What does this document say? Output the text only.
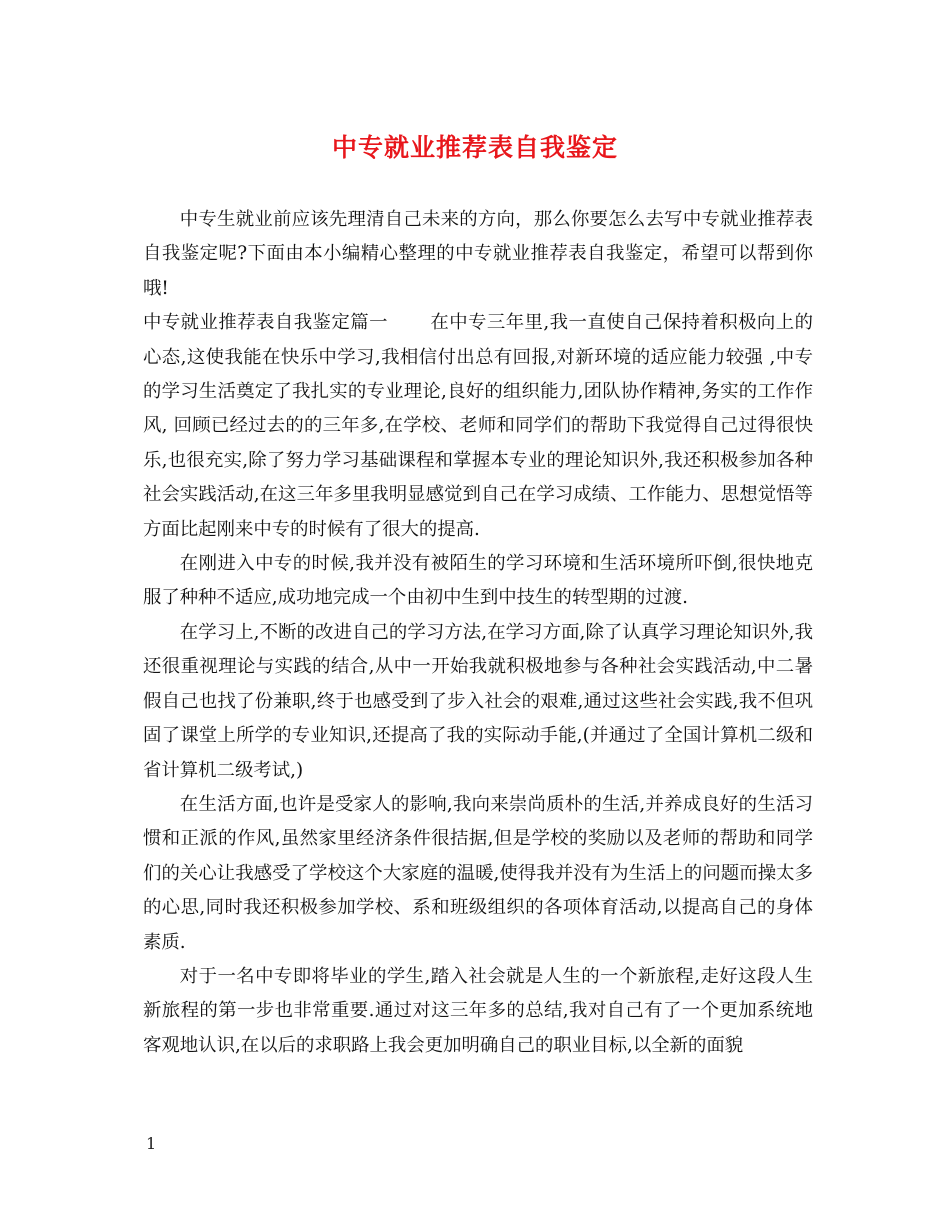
中专就业推荐表自我鉴定

中专生就业前应该先理清自己未来的方向，那么你要怎么去写中专就业推荐表自我鉴定呢?下面由本小编精心整理的中专就业推荐表自我鉴定，希望可以帮到你哦!

中专就业推荐表自我鉴定篇一 在中专三年里,我一直使自己保持着积极向上的心态,这使我能在快乐中学习,我相信付出总有回报,对新环境的适应能力较强 ,中专的学习生活奠定了我扎实的专业理论,良好的组织能力,团队协作精神,务实的工作作风, 回顾已经过去的的三年多,在学校、老师和同学们的帮助下我觉得自己过得很快乐,也很充实,除了努力学习基础课程和掌握本专业的理论知识外,我还积极参加各种社会实践活动,在这三年多里我明显感觉到自己在学习成绩、工作能力、思想觉悟等方面比起刚来中专的时候有了很大的提高.

在刚进入中专的时候,我并没有被陌生的学习环境和生活环境所吓倒,很快地克服了种种不适应,成功地完成一个由初中生到中技生的转型期的过渡.

在学习上,不断的改进自己的学习方法,在学习方面,除了认真学习理论知识外,我还很重视理论与实践的结合,从中一开始我就积极地参与各种社会实践活动,中二暑假自己也找了份兼职,终于也感受到了步入社会的艰难,通过这些社会实践,我不但巩固了课堂上所学的专业知识,还提高了我的实际动手能,(并通过了全国计算机二级和省计算机二级考试,)

在生活方面,也许是受家人的影响,我向来崇尚质朴的生活,并养成良好的生活习惯和正派的作风,虽然家里经济条件很拮据,但是学校的奖励以及老师的帮助和同学们的关心让我感受了学校这个大家庭的温暖,使得我并没有为生活上的问题而操太多的心思,同时我还积极参加学校、系和班级组织的各项体育活动,以提高自己的身体素质.

对于一名中专即将毕业的学生,踏入社会就是人生的一个新旅程,走好这段人生新旅程的第一步也非常重要.通过对这三年多的总结,我对自己有了一个更加系统地客观地认识,在以后的求职路上我会更加明确自己的职业目标,以全新的面貌

1
